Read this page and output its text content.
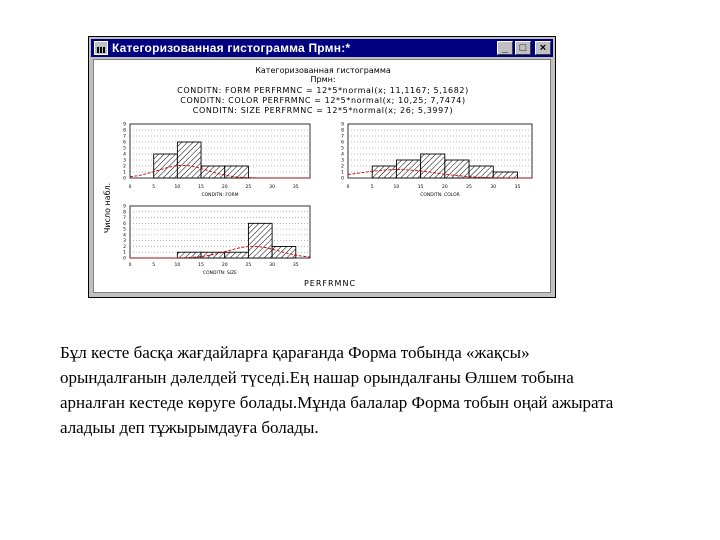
Категоризованная гистограмма Прмн:*	_	□	×
Категоризованная гистограмма
Прмн:
CONDITN: FORM PERFRMNC = 12*5*normal(x; 11,1167; 5,1682)
CONDITN: COLOR PERFRMNC = 12*5*normal(x; 10,25; 7,7474)
CONDITN: SIZE PERFRMNC = 12*5*normal(x; 26; 5,3997)
Число набл.
PERFRMNC
0
1
2
3
4
5
6
7
8
9
0	5	10	15	20	25	30	35
CONDITN: FORM
0
1
2
3
4
5
6
7
8
9
0	5	10	15	20	25	30	35
CONDITN: COLOR
0
1
2
3
4
5
6
7
8
9
0	5	10	15	20	25	30	35
CONDITN: SIZE

Бұл кесте басқа жағдайларға қарағанда Форма тобында «жақсы» орындалғанын дәлелдей түседі.Ең нашар орындалғаны Өлшем тобына арналған кестеде көруге болады.Мұнда балалар Форма тобын оңай ажырата аладыы деп тұжырымдауға болады.
